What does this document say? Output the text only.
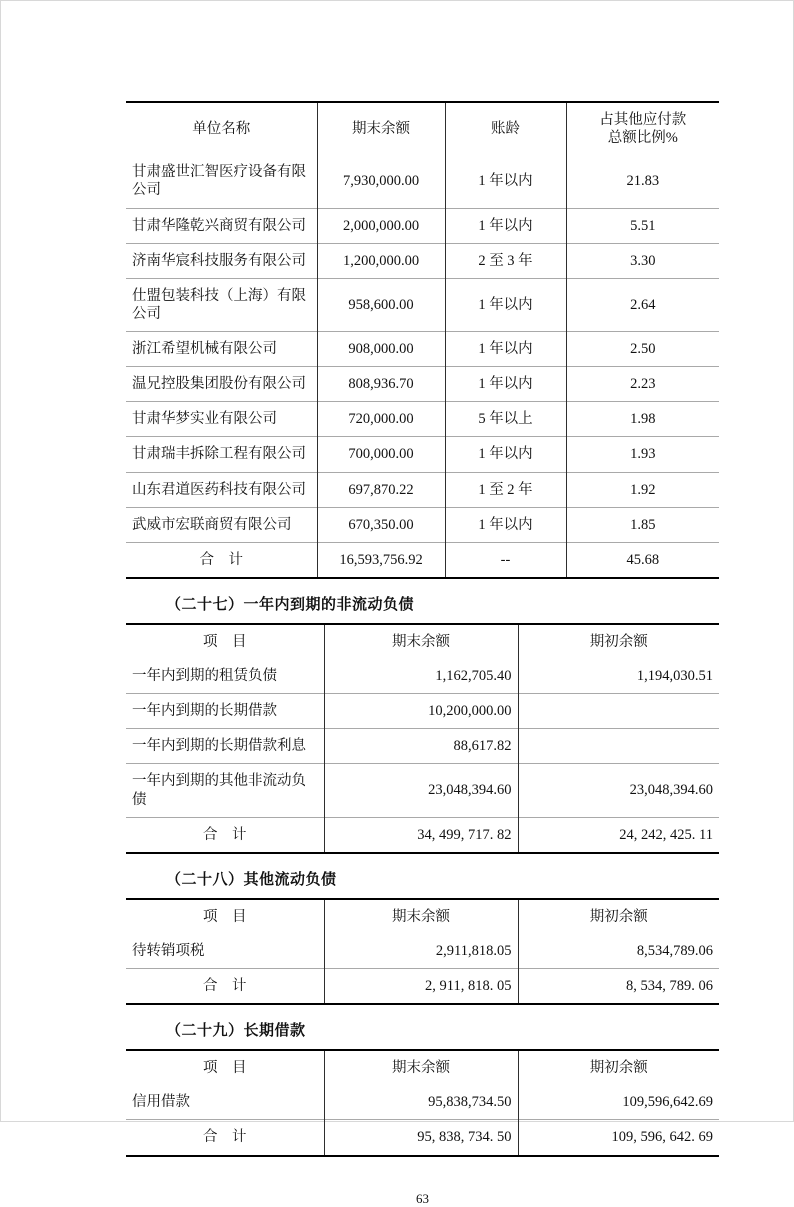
单位名称	期末余额	账龄	占其他应付款
总额比例%

甘肃盛世汇智医疗设备有限公司	7,930,000.00	1 年以内	21.83
甘肃华隆乾兴商贸有限公司	2,000,000.00	1 年以内	5.51
济南华宸科技服务有限公司	1,200,000.00	2 至 3 年	3.30
仕盟包装科技（上海）有限公司	958,600.00	1 年以内	2.64
浙江希望机械有限公司	908,000.00	1 年以内	2.50
温兄控股集团股份有限公司	808,936.70	1 年以内	2.23
甘肃华梦实业有限公司	720,000.00	5 年以上	1.98
甘肃瑞丰拆除工程有限公司	700,000.00	1 年以内	1.93
山东君道医药科技有限公司	697,870.22	1 至 2 年	1.92
武威市宏联商贸有限公司	670,350.00	1 年以内	1.85
合　计	16,593,756.92	--	45.68
（二十七）一年内到期的非流动负债
项　目	期末余额	期初余额
一年内到期的租赁负债	1,162,705.40	1,194,030.51
一年内到期的长期借款	10,200,000.00	
一年内到期的长期借款利息	88,617.82	
一年内到期的其他非流动负债	23,048,394.60	23,048,394.60
合　计	34, 499, 717. 82	24, 242, 425. 11
（二十八）其他流动负债
项　目	期末余额	期初余额
待转销项税	2,911,818.05	8,534,789.06
合　计	2, 911, 818. 05	8, 534, 789. 06
（二十九）长期借款
项　目	期末余额	期初余额
信用借款	95,838,734.50	109,596,642.69
合　计	95, 838, 734. 50	109, 596, 642. 69
63
